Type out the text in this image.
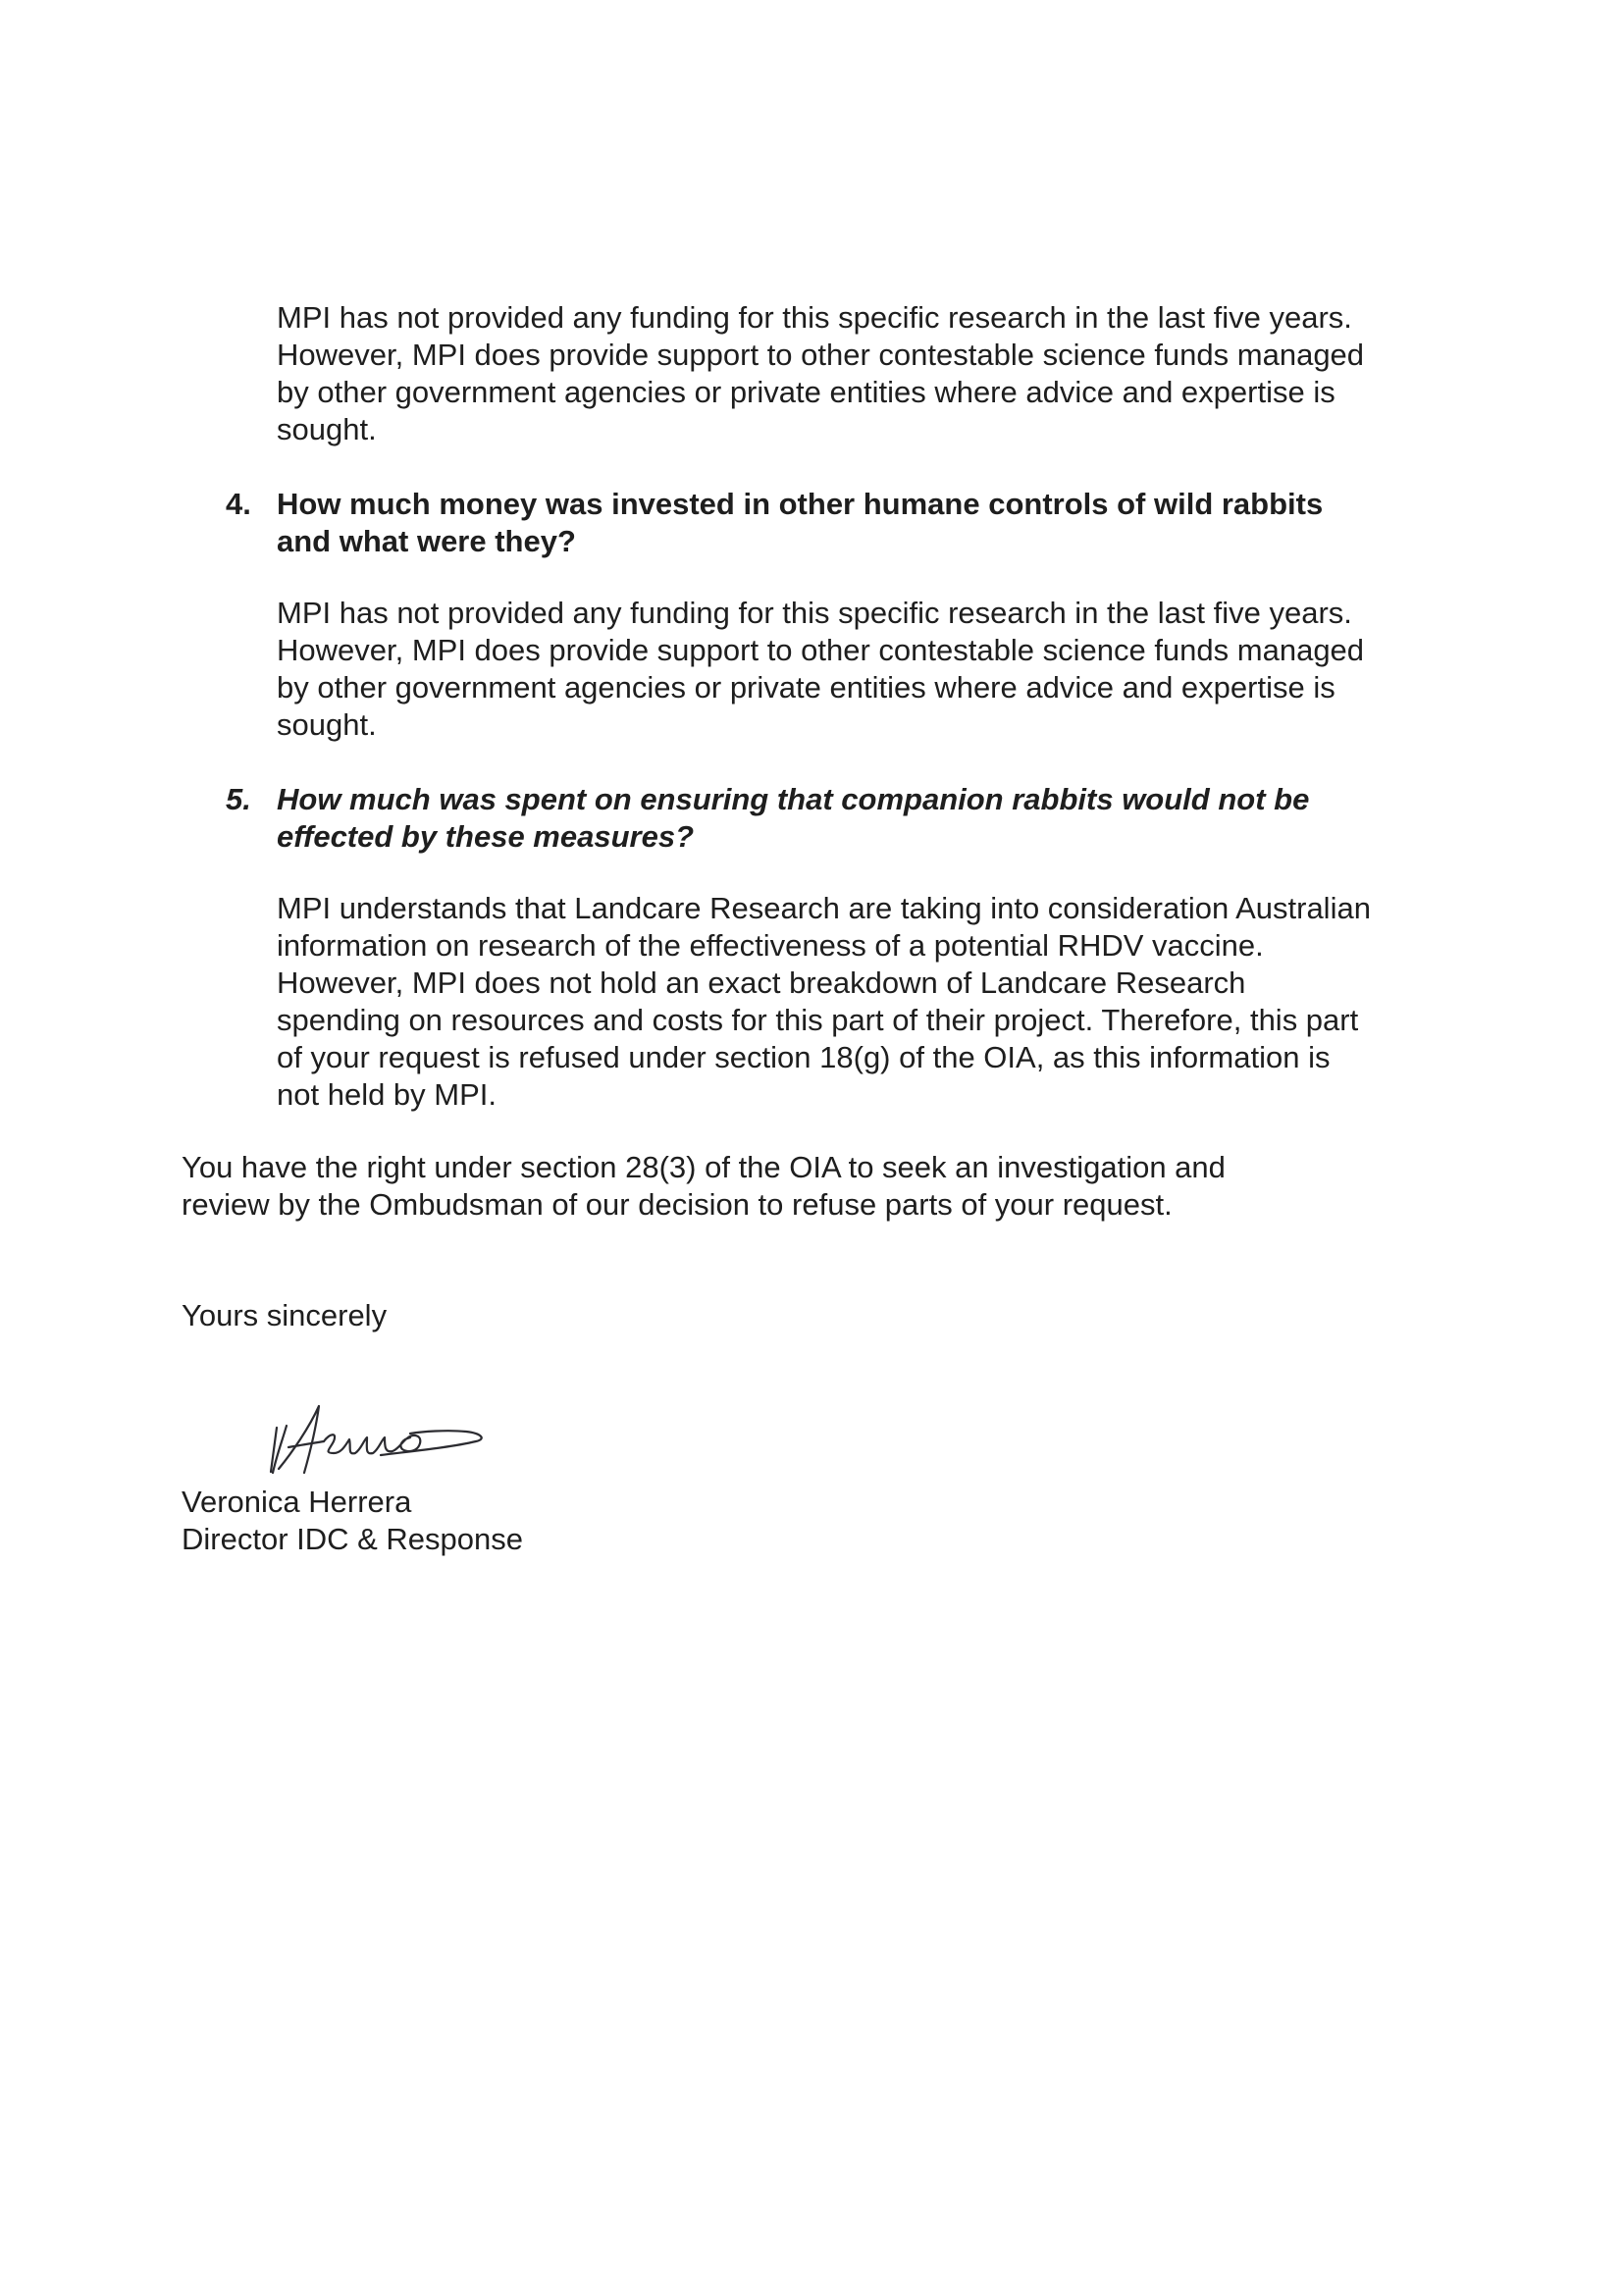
MPI has not provided any funding for this specific research in the last five years.
However, MPI does provide support to other contestable science funds managed
by other government agencies or private entities where advice and expertise is
sought.
4. How much money was invested in other humane controls of wild rabbits
and what were they?
MPI has not provided any funding for this specific research in the last five years.
However, MPI does provide support to other contestable science funds managed
by other government agencies or private entities where advice and expertise is
sought.
5. How much was spent on ensuring that companion rabbits would not be
effected by these measures?
MPI understands that Landcare Research are taking into consideration Australian
information on research of the effectiveness of a potential RHDV vaccine.
However, MPI does not hold an exact breakdown of Landcare Research
spending on resources and costs for this part of their project. Therefore, this part
of your request is refused under section 18(g) of the OIA, as this information is
not held by MPI.
You have the right under section 28(3) of the OIA to seek an investigation and
review by the Ombudsman of our decision to refuse parts of your request.
Yours sincerely
Veronica Herrera
Director IDC & Response
